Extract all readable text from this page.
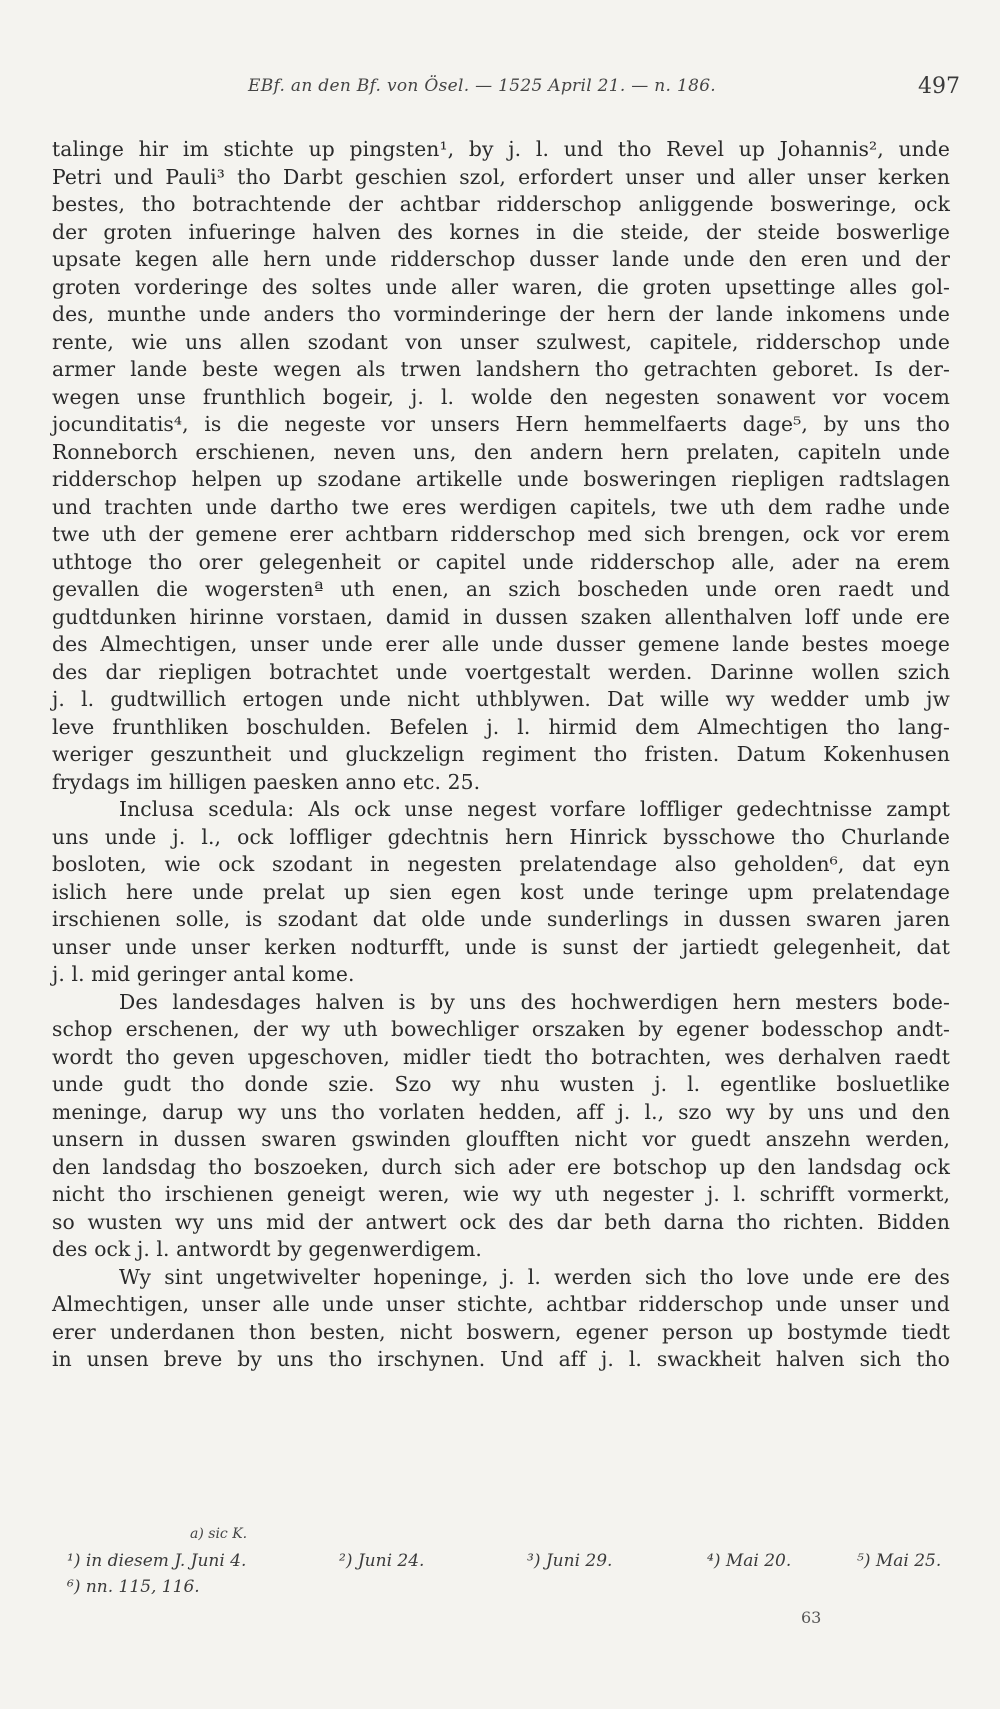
EBf. an den Bf. von Ösel. — 1525 April 21. — n. 186.	497
talinge hir im stichte up pingsten¹, by j. l. und tho Revel up Johannis², unde
Petri und Pauli³ tho Darbt geschien szol, erfordert unser und aller unser kerken
bestes, tho botrachtende der achtbar ridderschop anliggende bosweringe, ock
der groten infueringe halven des kornes in die steide, der steide boswerlige
upsate kegen alle hern unde ridderschop dusser lande unde den eren und der
groten vorderinge des soltes unde aller waren, die groten upsettinge alles gol-
des, munthe unde anders tho vorminderinge der hern der lande inkomens unde
rente, wie uns allen szodant von unser szulwest, capitele, ridderschop unde
armer lande beste wegen als trwen landshern tho getrachten geboret. Is der-
wegen unse frunthlich bogeir, j. l. wolde den negesten sonawent vor vocem
jocunditatis⁴, is die negeste vor unsers Hern hemmelfaerts dage⁵, by uns tho
Ronneborch erschienen, neven uns, den andern hern prelaten, capiteln unde
ridderschop helpen up szodane artikelle unde bosweringen riepligen radtslagen
und trachten unde dartho twe eres werdigen capitels, twe uth dem radhe unde
twe uth der gemene erer achtbarn ridderschop med sich brengen, ock vor erem
uthtoge tho orer gelegenheit or capitel unde ridderschop alle, ader na erem
gevallen die wogerstenª uth enen, an szich boscheden unde oren raedt und
gudtdunken hirinne vorstaen, damid in dussen szaken allenthalven loff unde ere
des Almechtigen, unser unde erer alle unde dusser gemene lande bestes moege
des dar riepligen botrachtet unde voertgestalt werden. Darinne wollen szich
j. l. gudtwillich ertogen unde nicht uthblywen. Dat wille wy wedder umb jw
leve frunthliken boschulden. Befelen j. l. hirmid dem Almechtigen tho lang-
weriger geszuntheit und gluckzelign regiment tho fristen. Datum Kokenhusen
frydags im hilligen paesken anno etc. 25.
Inclusa scedula: Als ock unse negest vorfare loffliger gedechtnisse zampt
uns unde j. l., ock loffliger gdechtnis hern Hinrick bysschowe tho Churlande
bosloten, wie ock szodant in negesten prelatendage also geholden⁶, dat eyn
islich here unde prelat up sien egen kost unde teringe upm prelatendage
irschienen solle, is szodant dat olde unde sunderlings in dussen swaren jaren
unser unde unser kerken nodturfft, unde is sunst der jartiedt gelegenheit, dat
j. l. mid geringer antal kome.
Des landesdages halven is by uns des hochwerdigen hern mesters bode-
schop erschenen, der wy uth bowechliger orszaken by egener bodesschop andt-
wordt tho geven upgeschoven, midler tiedt tho botrachten, wes derhalven raedt
unde gudt tho donde szie. Szo wy nhu wusten j. l. egentlike bosluetlike
meninge, darup wy uns tho vorlaten hedden, aff j. l., szo wy by uns und den
unsern in dussen swaren gswinden gloufften nicht vor guedt anszehn werden,
den landsdag tho boszoeken, durch sich ader ere botschop up den landsdag ock
nicht tho irschienen geneigt weren, wie wy uth negester j. l. schrifft vormerkt,
so wusten wy uns mid der antwert ock des dar beth darna tho richten. Bidden
des ock j. l. antwordt by gegenwerdigem.
Wy sint ungetwivelter hopeninge, j. l. werden sich tho love unde ere des
Almechtigen, unser alle unde unser stichte, achtbar ridderschop unde unser und
erer underdanen thon besten, nicht boswern, egener person up bostymde tiedt
in unsen breve by uns tho irschynen. Und aff j. l. swackheit halven sich tho
a) sic K.
¹) in diesem J. Juni 4.	²) Juni 24.	³) Juni 29.	⁴) Mai 20.	⁵) Mai 25.
⁶) nn. 115, 116.
63
